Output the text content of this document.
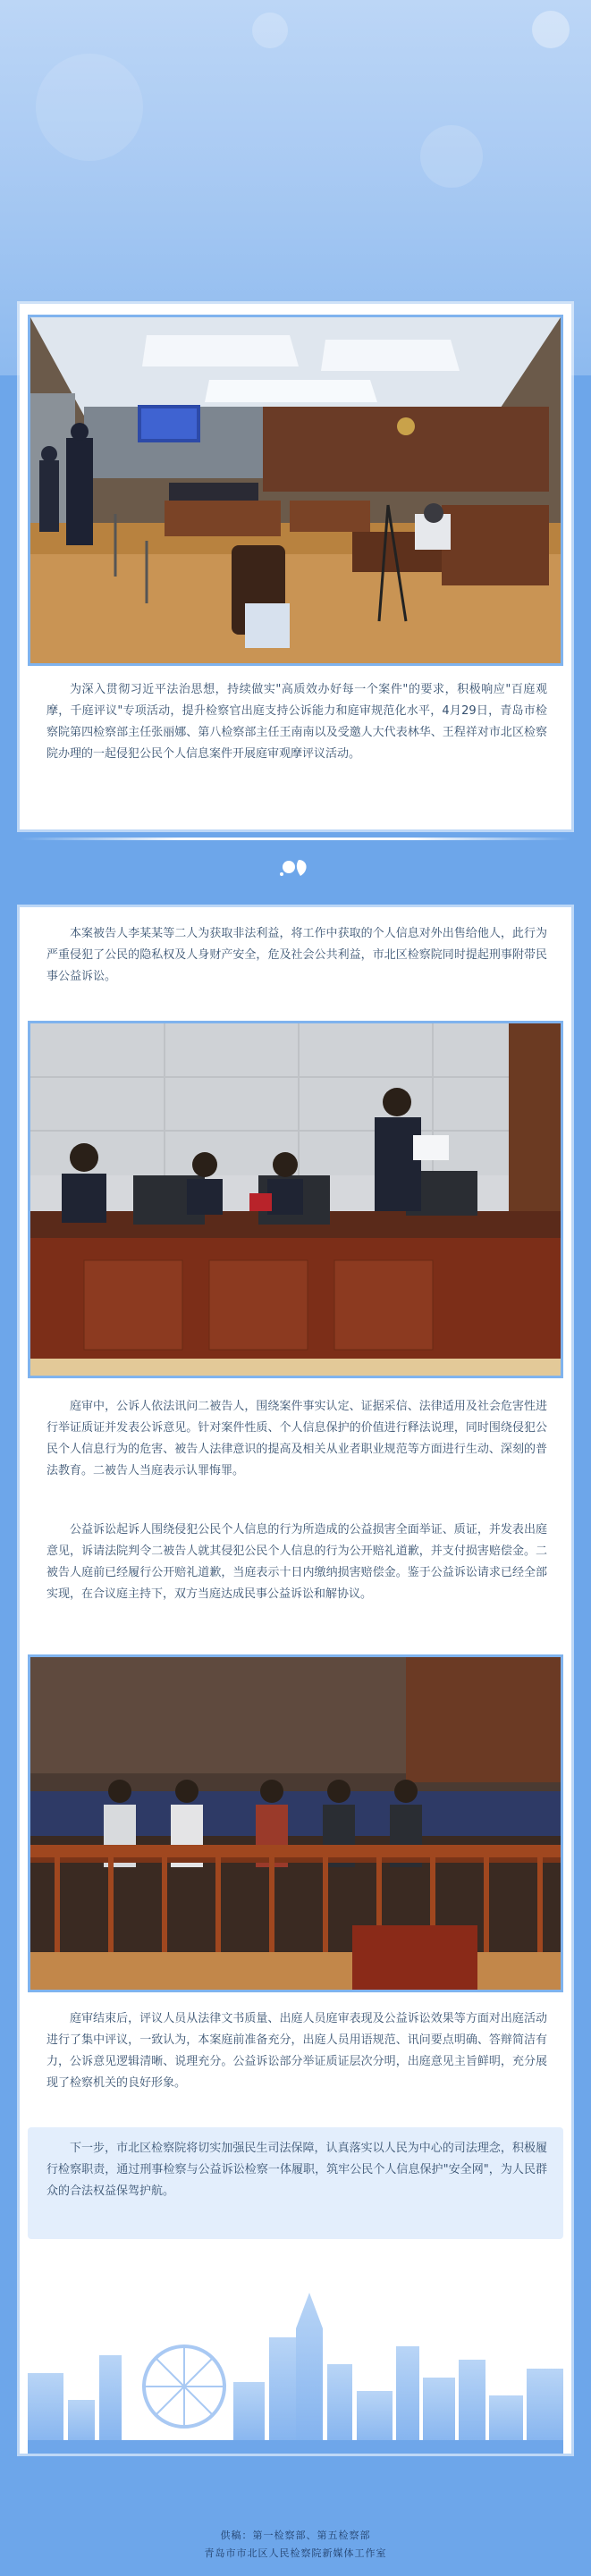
为深入贯彻习近平法治思想，持续做实"高质效办好每一个案件"的要求，积极响应"百庭观摩，千庭评议"专项活动，提升检察官出庭支持公诉能力和庭审规范化水平，4月29日，青岛市检察院第四检察部主任张丽娜、第八检察部主任王南南以及受邀人大代表林华、王程祥对市北区检察院办理的一起侵犯公民个人信息案件开展庭审观摩评议活动。

本案被告人李某某等二人为获取非法利益，将工作中获取的个人信息对外出售给他人，此行为严重侵犯了公民的隐私权及人身财产安全，危及社会公共利益，市北区检察院同时提起刑事附带民事公益诉讼。

庭审中，公诉人依法讯问二被告人，围绕案件事实认定、证据采信、法律适用及社会危害性进行举证质证并发表公诉意见。针对案件性质、个人信息保护的价值进行释法说理，同时围绕侵犯公民个人信息行为的危害、被告人法律意识的提高及相关从业者职业规范等方面进行生动、深刻的普法教育。二被告人当庭表示认罪悔罪。

公益诉讼起诉人围绕侵犯公民个人信息的行为所造成的公益损害全面举证、质证，并发表出庭意见，诉请法院判令二被告人就其侵犯公民个人信息的行为公开赔礼道歉，并支付损害赔偿金。二被告人庭前已经履行公开赔礼道歉，当庭表示十日内缴纳损害赔偿金。鉴于公益诉讼请求已经全部实现，在合议庭主持下，双方当庭达成民事公益诉讼和解协议。

庭审结束后，评议人员从法律文书质量、出庭人员庭审表现及公益诉讼效果等方面对出庭活动进行了集中评议，一致认为，本案庭前准备充分，出庭人员用语规范、讯问要点明确、答辩简洁有力，公诉意见逻辑清晰、说理充分。公益诉讼部分举证质证层次分明，出庭意见主旨鲜明，充分展现了检察机关的良好形象。

下一步，市北区检察院将切实加强民生司法保障，认真落实以人民为中心的司法理念，积极履行检察职责，通过刑事检察与公益诉讼检察一体履职，筑牢公民个人信息保护"安全网"，为人民群众的合法权益保驾护航。

供稿：第一检察部、第五检察部
青岛市市北区人民检察院新媒体工作室
